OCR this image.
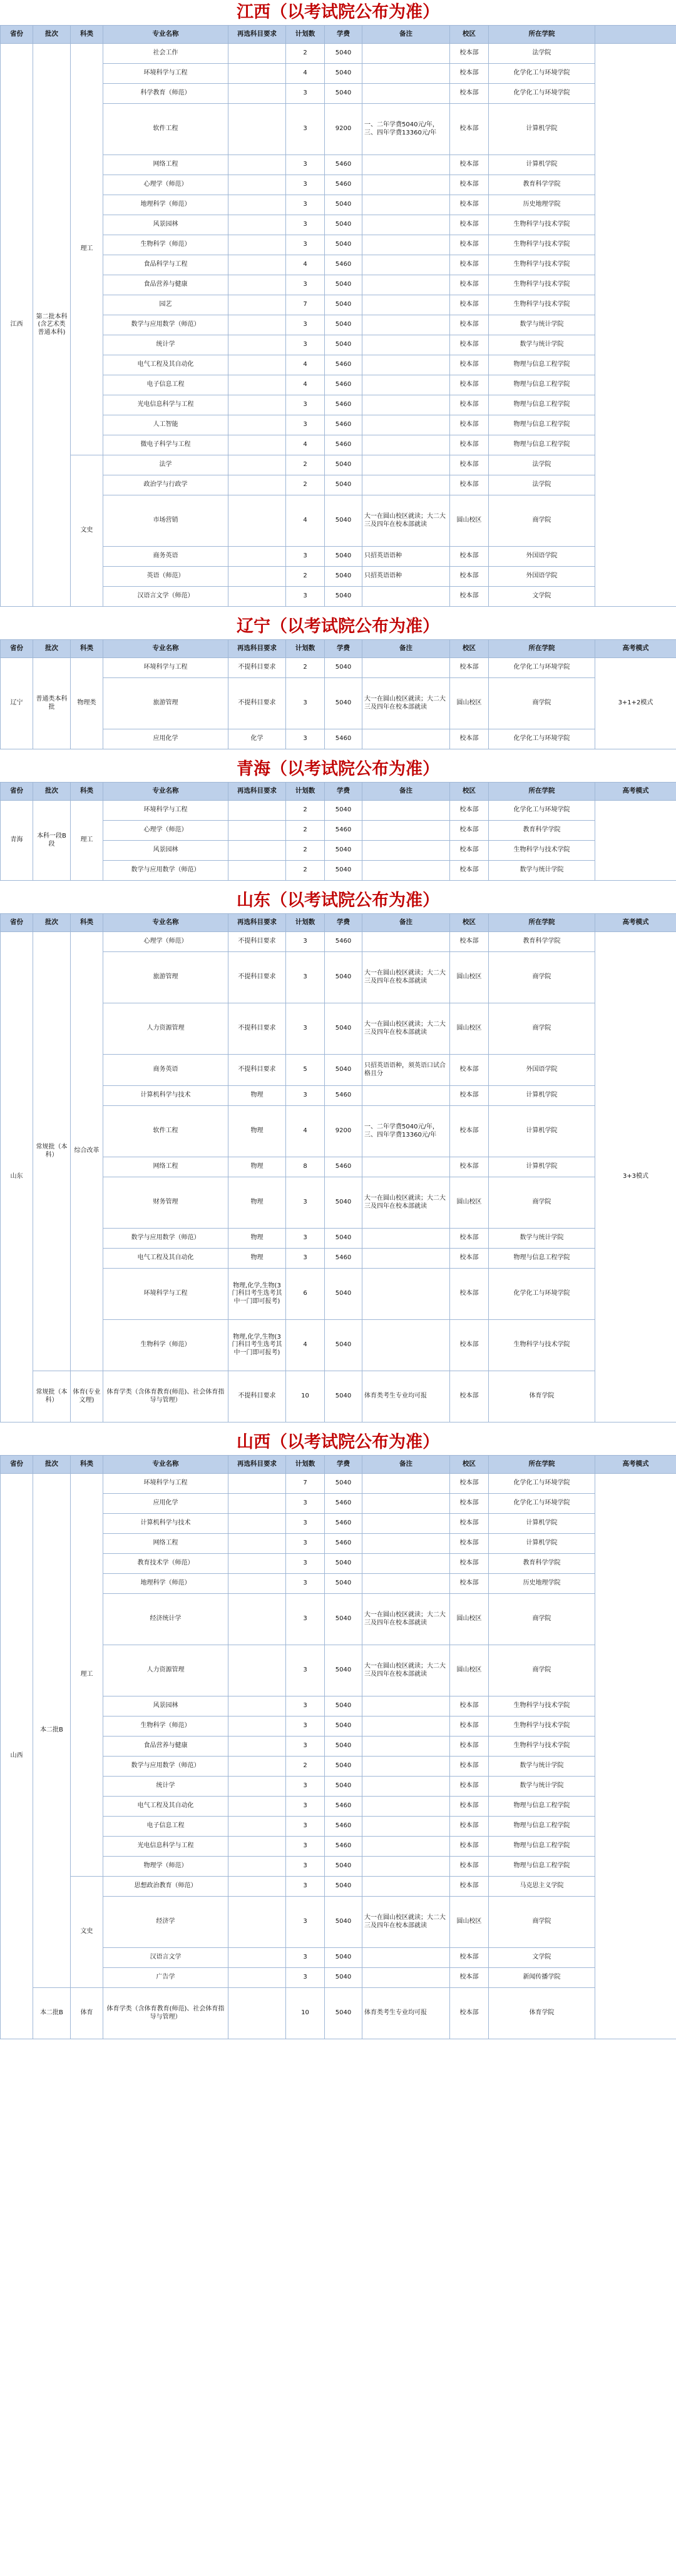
江西（以考试院公布为准）
省份	批次	科类	专业名称	再选科目要求	计划数	学费	备注	校区	所在学院	
江西	第二批本科(含艺术类普通本科)	理工	社会工作		2	5040		校本部	法学院	
			环境科学与工程		4	5040		校本部	化学化工与环境学院	
			科学教育（师范）		3	5040		校本部	化学化工与环境学院	
			软件工程		3	9200	一、二年学费5040元/年，三、四年学费13360元/年	校本部	计算机学院	
			网络工程		3	5460		校本部	计算机学院	
			心理学（师范）		3	5460		校本部	教育科学学院	
			地理科学（师范）		3	5040		校本部	历史地理学院	
			风景园林		3	5040		校本部	生物科学与技术学院	
			生物科学（师范）		3	5040		校本部	生物科学与技术学院	
			食品科学与工程		4	5460		校本部	生物科学与技术学院	
			食品营养与健康		3	5040		校本部	生物科学与技术学院	
			园艺		7	5040		校本部	生物科学与技术学院	
			数学与应用数学（师范）		3	5040		校本部	数学与统计学院	
			统计学		3	5040		校本部	数学与统计学院	
			电气工程及其自动化		4	5460		校本部	物理与信息工程学院	
			电子信息工程		4	5460		校本部	物理与信息工程学院	
			光电信息科学与工程		3	5460		校本部	物理与信息工程学院	
			人工智能		3	5460		校本部	物理与信息工程学院	
			微电子科学与工程		4	5460		校本部	物理与信息工程学院	
		文史	法学		2	5040		校本部	法学院	
			政治学与行政学		2	5040		校本部	法学院	
			市场营销		4	5040	大一在圆山校区就读；大二大三及四年在校本部就读	圆山校区	商学院	
			商务英语		3	5040	只招英语语种	校本部	外国语学院	
			英语（师范）		2	5040	只招英语语种	校本部	外国语学院	
			汉语言文学（师范）		3	5040		校本部	文学院	
辽宁（以考试院公布为准）
省份	批次	科类	专业名称	再选科目要求	计划数	学费	备注	校区	所在学院	高考模式
辽宁	普通类本科批	物理类	环境科学与工程	不提科目要求	2	5040		校本部	化学化工与环境学院	3+1+2模式
			旅游管理	不提科目要求	3	5040	大一在圆山校区就读；大二大三及四年在校本部就读	圆山校区	商学院	
			应用化学	化学	3	5460		校本部	化学化工与环境学院	
青海（以考试院公布为准）
省份	批次	科类	专业名称	再选科目要求	计划数	学费	备注	校区	所在学院	高考模式
青海	本科一段B段	理工	环境科学与工程		2	5040		校本部	化学化工与环境学院	
			心理学（师范）		2	5460		校本部	教育科学学院	
			风景园林		2	5040		校本部	生物科学与技术学院	
			数学与应用数学（师范）		2	5040		校本部	数学与统计学院	
山东（以考试院公布为准）
省份	批次	科类	专业名称	再选科目要求	计划数	学费	备注	校区	所在学院	高考模式
山东	常规批（本科）	综合改革	心理学（师范）	不提科目要求	3	5460		校本部	教育科学学院	3+3模式
			旅游管理	不提科目要求	3	5040	大一在圆山校区就读；大二大三及四年在校本部就读	圆山校区	商学院	
			人力资源管理	不提科目要求	3	5040	大一在圆山校区就读；大二大三及四年在校本部就读	圆山校区	商学院	
			商务英语	不提科目要求	5	5040	只招英语语种，须英语口试合格且分	校本部	外国语学院	
			计算机科学与技术	物理	3	5460		校本部	计算机学院	
			软件工程	物理	4	9200	一、二年学费5040元/年，三、四年学费13360元/年	校本部	计算机学院	
			网络工程	物理	8	5460		校本部	计算机学院	
			财务管理	物理	3	5040	大一在圆山校区就读；大二大三及四年在校本部就读	圆山校区	商学院	
			数学与应用数学（师范）	物理	3	5040		校本部	数学与统计学院	
			电气工程及其自动化	物理	3	5460		校本部	物理与信息工程学院	
			环境科学与工程	物理,化学,生物(3门科目考生选考其中一门即可报考)	6	5040		校本部	化学化工与环境学院	
			生物科学（师范）	物理,化学,生物(3门科目考生选考其中一门即可报考)	4	5040		校本部	生物科学与技术学院	
	常规批（本科）	体育(专业文理)	体育学类（含体育教育(师范)、社会体育指导与管理）	不提科目要求	10	5040	体育类考生专业均可报	校本部	体育学院	
山西（以考试院公布为准）
省份	批次	科类	专业名称	再选科目要求	计划数	学费	备注	校区	所在学院	高考模式
山西	本二批B	理工	环境科学与工程		7	5040		校本部	化学化工与环境学院	
			应用化学		3	5460		校本部	化学化工与环境学院	
			计算机科学与技术		3	5460		校本部	计算机学院	
			网络工程		3	5460		校本部	计算机学院	
			教育技术学（师范）		3	5040		校本部	教育科学学院	
			地理科学（师范）		3	5040		校本部	历史地理学院	
			经济统计学		3	5040	大一在圆山校区就读；大二大三及四年在校本部就读	圆山校区	商学院	
			人力资源管理		3	5040	大一在圆山校区就读；大二大三及四年在校本部就读	圆山校区	商学院	
			风景园林		3	5040		校本部	生物科学与技术学院	
			生物科学（师范）		3	5040		校本部	生物科学与技术学院	
			食品营养与健康		3	5040		校本部	生物科学与技术学院	
			数学与应用数学（师范）		2	5040		校本部	数学与统计学院	
			统计学		3	5040		校本部	数学与统计学院	
			电气工程及其自动化		3	5460		校本部	物理与信息工程学院	
			电子信息工程		3	5460		校本部	物理与信息工程学院	
			光电信息科学与工程		3	5460		校本部	物理与信息工程学院	
			物理学（师范）		3	5040		校本部	物理与信息工程学院	
		文史	思想政治教育（师范）		3	5040		校本部	马克思主义学院	
			经济学		3	5040	大一在圆山校区就读；大二大三及四年在校本部就读	圆山校区	商学院	
			汉语言文学		3	5040		校本部	文学院	
			广告学		3	5040		校本部	新闻传播学院	
	本二批B	体育	体育学类（含体育教育(师范)、社会体育指导与管理）		10	5040	体育类考生专业均可报	校本部	体育学院	
